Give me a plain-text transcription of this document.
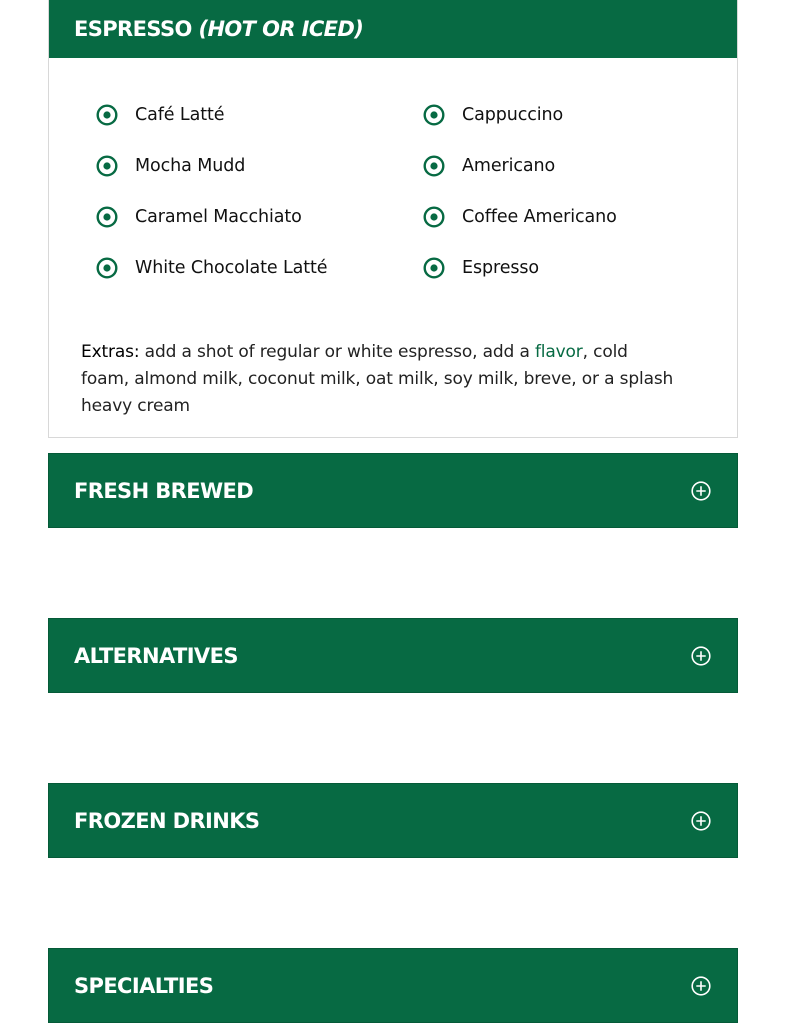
ESPRESSO (HOT OR ICED)
Café Latté	Cappuccino
Mocha Mudd	Americano
Caramel Macchiato	Coffee Americano
White Chocolate Latté	Espresso

Extras: add a shot of regular or white espresso, add a flavor, cold foam, almond milk, coconut milk, oat milk, soy milk, breve, or a splash heavy cream

FRESH BREWED
ALTERNATIVES
FROZEN DRINKS
SPECIALTIES
